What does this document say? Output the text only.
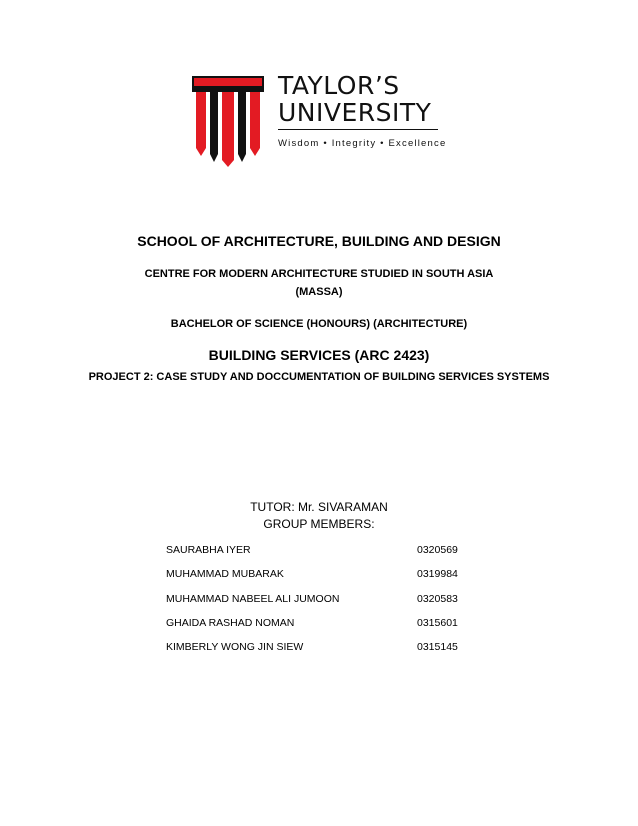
TAYLOR’S
UNIVERSITY
Wisdom • Integrity • Excellence
SCHOOL OF ARCHITECTURE, BUILDING AND DESIGN
CENTRE FOR MODERN ARCHITECTURE STUDIED IN SOUTH ASIA
(MASSA)
BACHELOR OF SCIENCE (HONOURS) (ARCHITECTURE)
BUILDING SERVICES (ARC 2423)
PROJECT 2: CASE STUDY AND DOCCUMENTATION OF BUILDING SERVICES SYSTEMS
TUTOR: Mr. SIVARAMAN
GROUP MEMBERS:
SAURABHA IYER	0320569
MUHAMMAD MUBARAK	0319984
MUHAMMAD NABEEL ALI JUMOON	0320583
GHAIDA RASHAD NOMAN	0315601
KIMBERLY WONG JIN SIEW	0315145
